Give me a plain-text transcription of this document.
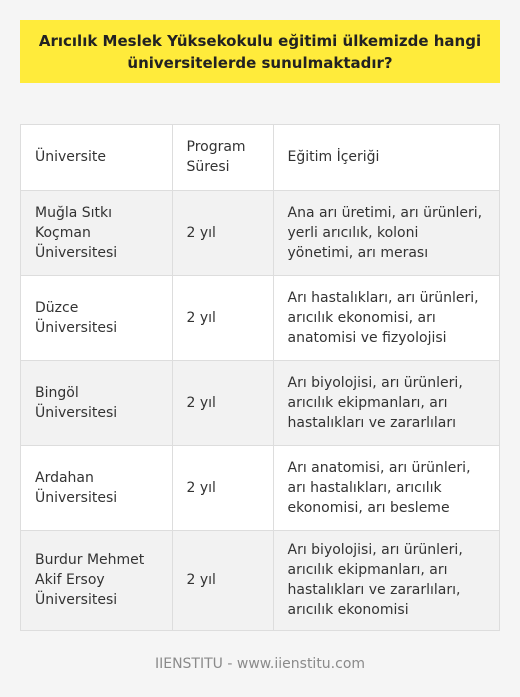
Arıcılık Meslek Yüksekokulu eğitimi ülkemizde hangi üniversitelerde sunulmaktadır?
Üniversite	Program Süresi	Eğitim İçeriği
Muğla Sıtkı Koçman Üniversitesi	2 yıl	Ana arı üretimi, arı ürünleri, yerli arıcılık, koloni yönetimi, arı merası
Düzce Üniversitesi	2 yıl	Arı hastalıkları, arı ürünleri, arıcılık ekonomisi, arı anatomisi ve fizyolojisi
Bingöl Üniversitesi	2 yıl	Arı biyolojisi, arı ürünleri, arıcılık ekipmanları, arı hastalıkları ve zararlıları
Ardahan Üniversitesi	2 yıl	Arı anatomisi, arı ürünleri, arı hastalıkları, arıcılık ekonomisi, arı besleme
Burdur Mehmet Akif Ersoy Üniversitesi	2 yıl	Arı biyolojisi, arı ürünleri, arıcılık ekipmanları, arı hastalıkları ve zararlıları, arıcılık ekonomisi
IIENSTITU - www.iienstitu.com
